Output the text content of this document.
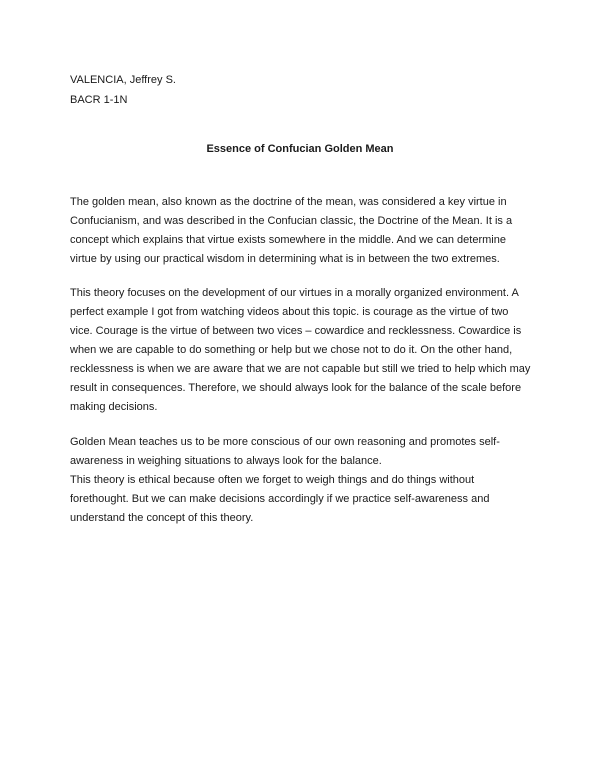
VALENCIA, Jeffrey S.
BACR 1-1N
Essence of Confucian Golden Mean

The golden mean, also known as the doctrine of the mean, was considered a key virtue in Confucianism, and was described in the Confucian classic, the Doctrine of the Mean. It is a concept which explains that virtue exists somewhere in the middle. And we can determine virtue by using our practical wisdom in determining what is in between the two extremes.

This theory focuses on the development of our virtues in a morally organized environment. A perfect example I got from watching videos about this topic. is courage as the virtue of two vice. Courage is the virtue of between two vices – cowardice and recklessness. Cowardice is when we are capable to do something or help but we chose not to do it. On the other hand, recklessness is when we are aware that we are not capable but still we tried to help which may result in consequences. Therefore, we should always look for the balance of the scale before making decisions.

Golden Mean teaches us to be more conscious of our own reasoning and promotes self-awareness in weighing situations to always look for the balance.

This theory is ethical because often we forget to weigh things and do things without forethought. But we can make decisions accordingly if we practice self-awareness and understand the concept of this theory.
